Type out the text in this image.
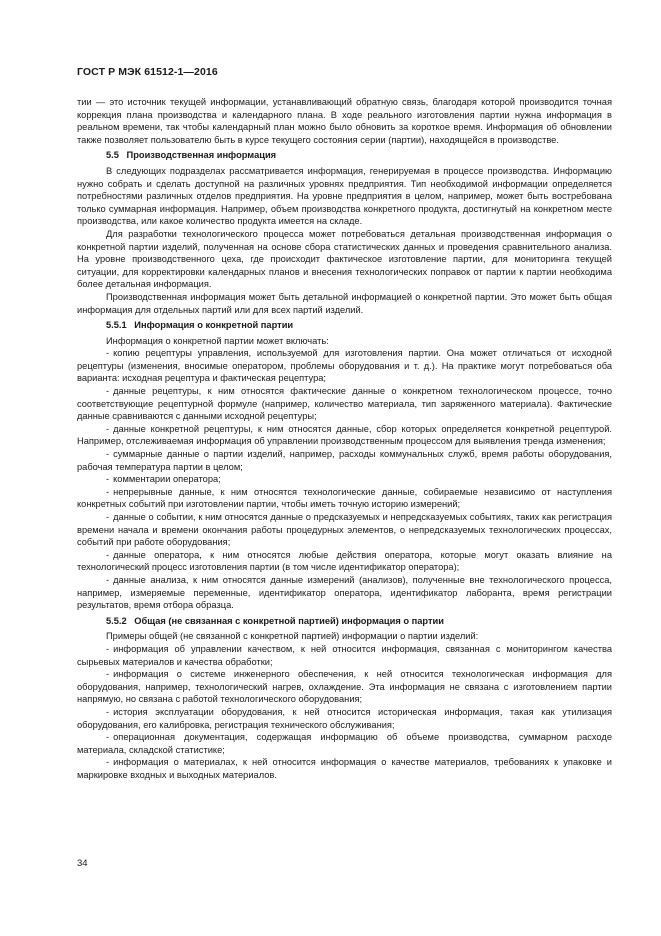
ГОСТ Р МЭК 61512-1—2016

тии — это источник текущей информации, устанавливающий обратную связь, благодаря которой производится точная коррекция плана производства и календарного плана. В ходе реального изготовления партии нужна информация в реальном времени, так чтобы календарный план можно было обновить за короткое время. Информация об обновлении также позволяет пользователю быть в курсе текущего состояния серии (партии), находящейся в производстве.

5.5 Производственная информация

В следующих подразделах рассматривается информация, генерируемая в процессе производства. Информацию нужно собрать и сделать доступной на различных уровнях предприятия. Тип необходимой информации определяется потребностями различных отделов предприятия. На уровне предприятия в целом, например, может быть востребована только суммарная информация. Например, объем производства конкретного продукта, достигнутый на конкретном месте производства, или какое количество продукта имеется на складе.

Для разработки технологического процесса может потребоваться детальная производственная информация о конкретной партии изделий, полученная на основе сбора статистических данных и проведения сравнительного анализа. На уровне производственного цеха, где происходит фактическое изготовление партии, для мониторинга текущей ситуации, для корректировки календарных планов и внесения технологических поправок от партии к партии необходима более детальная информация.

Производственная информация может быть детальной информацией о конкретной партии. Это может быть общая информация для отдельных партий или для всех партий изделий.

5.5.1 Информация о конкретной партии

Информация о конкретной партии может включать:

- копию рецептуры управления, используемой для изготовления партии. Она может отличаться от исходной рецептуры (изменения, вносимые оператором, проблемы оборудования и т. д.). На практике могут потребоваться оба варианта: исходная рецептура и фактическая рецептура;
- данные рецептуры, к ним относятся фактические данные о конкретном технологическом процессе, точно соответствующие рецептурной формуле (например, количество материала, тип заряженного материала). Фактические данные сравниваются с данными исходной рецептуры;
- данные конкретной рецептуры, к ним относятся данные, сбор которых определяется конкретной рецептурой. Например, отслеживаемая информация об управлении производственным процессом для выявления тренда изменения;
- суммарные данные о партии изделий, например, расходы коммунальных служб, время работы оборудования, рабочая температура партии в целом;
- комментарии оператора;
- непрерывные данные, к ним относятся технологические данные, собираемые независимо от наступления конкретных событий при изготовлении партии, чтобы иметь точную историю измерений;
- данные о событии, к ним относятся данные о предсказуемых и непредсказуемых событиях, таких как регистрация времени начала и времени окончания работы процедурных элементов, о непредсказуемых технологических процессах, событий при работе оборудования;
- данные оператора, к ним относятся любые действия оператора, которые могут оказать влияние на технологический процесс изготовления партии (в том числе идентификатор оператора);
- данные анализа, к ним относятся данные измерений (анализов), полученные вне технологического процесса, например, измеряемые переменные, идентификатор оператора, идентификатор лаборанта, время регистрации результатов, время отбора образца.
5.5.2 Общая (не связанная с конкретной партией) информация о партии

Примеры общей (не связанной с конкретной партией) информации о партии изделий:

- информация об управлении качеством, к ней относится информация, связанная с мониторингом качества сырьевых материалов и качества обработки;
- информация о системе инженерного обеспечения, к ней относится технологическая информация для оборудования, например, технологический нагрев, охлаждение. Эта информация не связана с изготовлением партии напрямую, но связана с работой технологического оборудования;
- история эксплуатации оборудования, к ней относится историческая информация, такая как утилизация оборудования, его калибровка, регистрация технического обслуживания;
- операционная документация, содержащая информацию об объеме производства, суммарном расходе материала, складской статистике;
- информация о материалах, к ней относится информация о качестве материалов, требованиях к упаковке и маркировке входных и выходных материалов.
34
